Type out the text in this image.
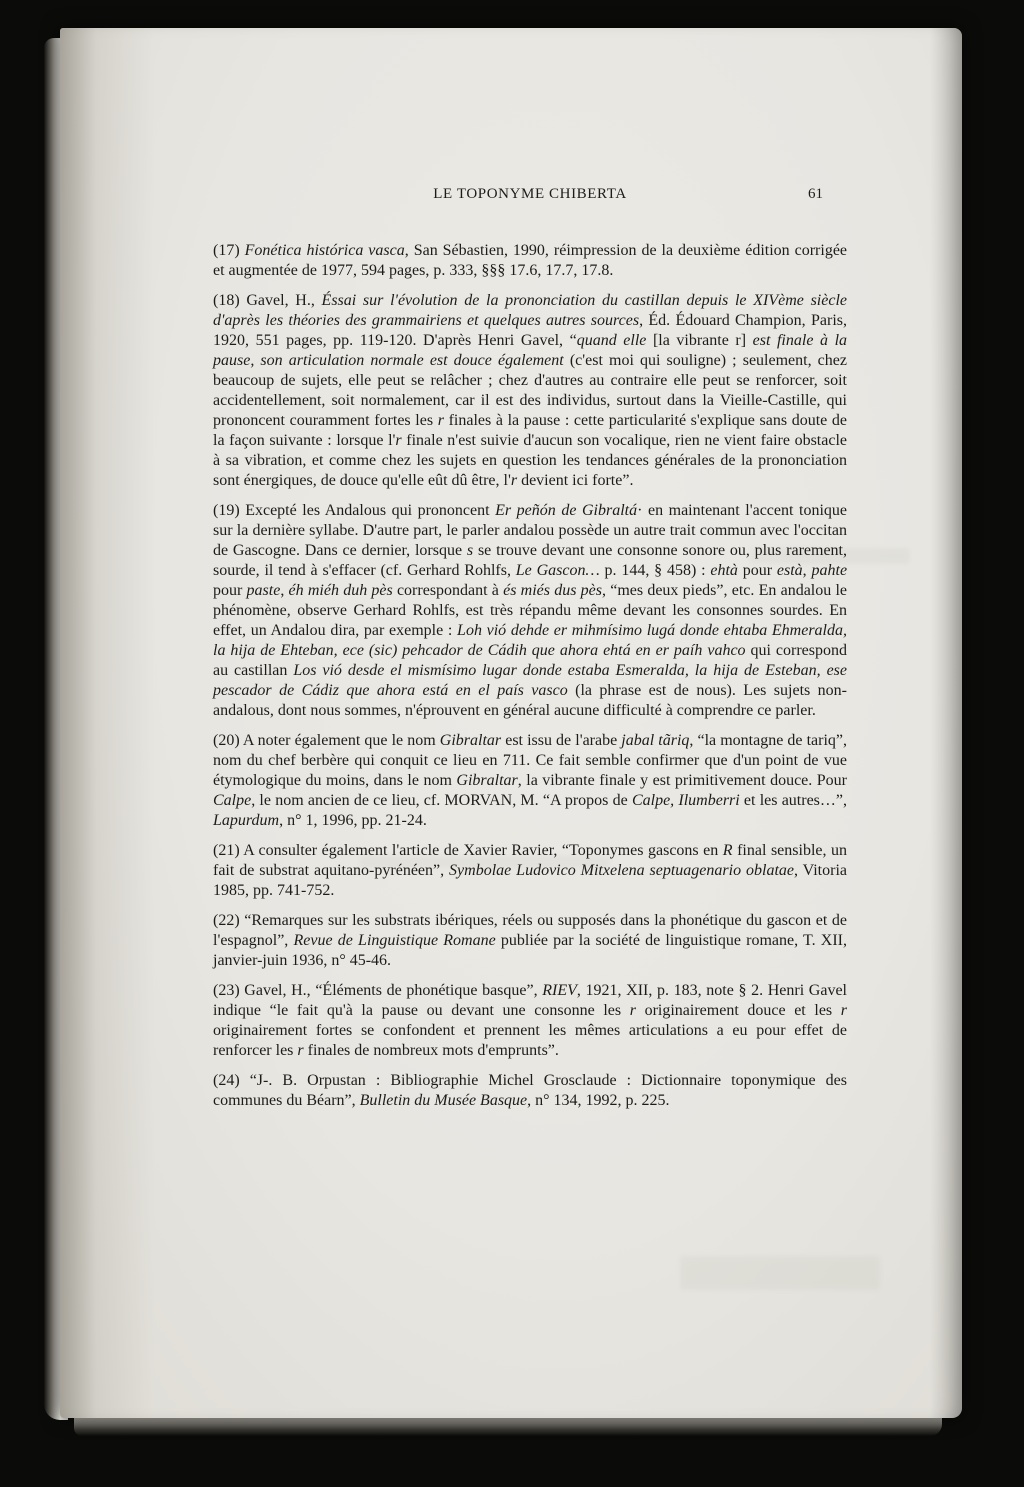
LE TOPONYME CHIBERTA	61

(17) Fonética histórica vasca, San Sébastien, 1990, réimpression de la deuxième édition corrigée et augmentée de 1977, 594 pages, p. 333, §§§ 17.6, 17.7, 17.8.

(18) Gavel, H., Éssai sur l'évolution de la prononciation du castillan depuis le XIVème siècle d'après les théories des grammairiens et quelques autres sources, Éd. Édouard Champion, Paris, 1920, 551 pages, pp. 119-120. D'après Henri Gavel, “quand elle [la vibrante r] est finale à la pause, son articulation normale est douce également (c'est moi qui souligne) ; seulement, chez beaucoup de sujets, elle peut se relâcher ; chez d'autres au contraire elle peut se renforcer, soit accidentellement, soit normalement, car il est des individus, surtout dans la Vieille-Castille, qui prononcent couramment fortes les r finales à la pause : cette particularité s'explique sans doute de la façon suivante : lorsque l'r finale n'est suivie d'aucun son vocalique, rien ne vient faire obstacle à sa vibration, et comme chez les sujets en question les tendances générales de la prononciation sont énergiques, de douce qu'elle eût dû être, l'r devient ici forte”.

(19) Excepté les Andalous qui prononcent Er peñón de Gibraltá· en maintenant l'accent tonique sur la dernière syllabe. D'autre part, le parler andalou possède un autre trait commun avec l'occitan de Gascogne. Dans ce dernier, lorsque s se trouve devant une consonne sonore ou, plus rarement, sourde, il tend à s'effacer (cf. Gerhard Rohlfs, Le Gascon… p. 144, § 458) : ehtà pour està, pahte pour paste, éh miéh duh pès correspondant à és miés dus pès, “mes deux pieds”, etc. En andalou le phénomène, observe Gerhard Rohlfs, est très répandu même devant les consonnes sourdes. En effet, un Andalou dira, par exemple : Loh vió dehde er mihmísimo lugá donde ehtaba Ehmeralda, la hija de Ehteban, ece (sic) pehcador de Cádih que ahora ehtá en er paíh vahco qui correspond au castillan Los vió desde el mismísimo lugar donde estaba Esmeralda, la hija de Esteban, ese pescador de Cádiz que ahora está en el país vasco (la phrase est de nous). Les sujets non-andalous, dont nous sommes, n'éprouvent en général aucune difficulté à comprendre ce parler.

(20) A noter également que le nom Gibraltar est issu de l'arabe jabal tãriq, “la montagne de tariq”, nom du chef berbère qui conquit ce lieu en 711. Ce fait semble confirmer que d'un point de vue étymologique du moins, dans le nom Gibraltar, la vibrante finale y est primitivement douce. Pour Calpe, le nom ancien de ce lieu, cf. MORVAN, M. “A propos de Calpe, Ilumberri et les autres…”, Lapurdum, n° 1, 1996, pp. 21-24.

(21) A consulter également l'article de Xavier Ravier, “Toponymes gascons en R final sensible, un fait de substrat aquitano-pyrénéen”, Symbolae Ludovico Mitxelena septuagenario oblatae, Vitoria 1985, pp. 741-752.

(22) “Remarques sur les substrats ibériques, réels ou supposés dans la phonétique du gascon et de l'espagnol”, Revue de Linguistique Romane publiée par la société de linguistique romane, T. XII, janvier-juin 1936, n° 45-46.

(23) Gavel, H., “Éléments de phonétique basque”, RIEV, 1921, XII, p. 183, note § 2. Henri Gavel indique “le fait qu'à la pause ou devant une consonne les r originairement douce et les r originairement fortes se confondent et prennent les mêmes articulations a eu pour effet de renforcer les r finales de nombreux mots d'emprunts”.

(24) “J-. B. Orpustan : Bibliographie Michel Grosclaude : Dictionnaire toponymique des communes du Béarn”, Bulletin du Musée Basque, n° 134, 1992, p. 225.
